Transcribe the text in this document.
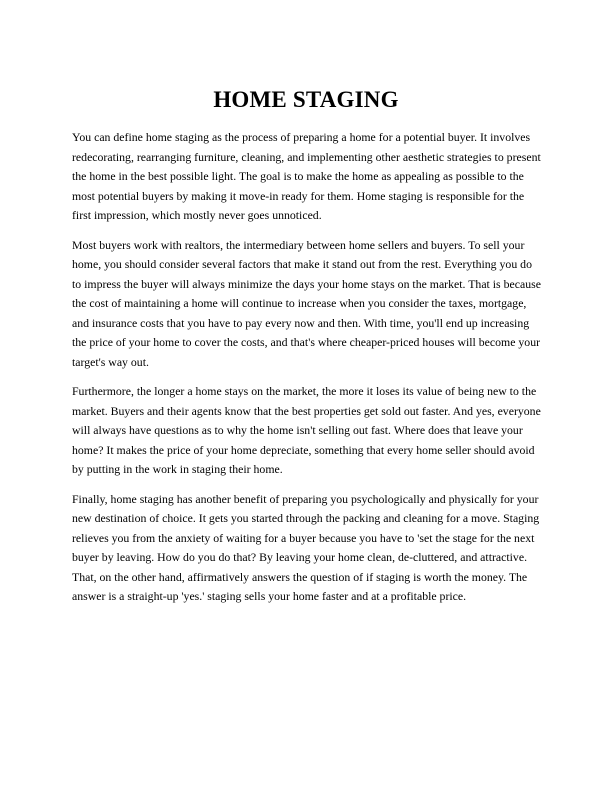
HOME STAGING

You can define home staging as the process of preparing a home for a potential buyer. It involves redecorating, rearranging furniture, cleaning, and implementing other aesthetic strategies to present the home in the best possible light. The goal is to make the home as appealing as possible to the most potential buyers by making it move-in ready for them. Home staging is responsible for the first impression, which mostly never goes unnoticed.

Most buyers work with realtors, the intermediary between home sellers and buyers. To sell your home, you should consider several factors that make it stand out from the rest. Everything you do to impress the buyer will always minimize the days your home stays on the market. That is because the cost of maintaining a home will continue to increase when you consider the taxes, mortgage, and insurance costs that you have to pay every now and then. With time, you'll end up increasing the price of your home to cover the costs, and that's where cheaper-priced houses will become your target's way out.

Furthermore, the longer a home stays on the market, the more it loses its value of being new to the market. Buyers and their agents know that the best properties get sold out faster. And yes, everyone will always have questions as to why the home isn't selling out fast. Where does that leave your home? It makes the price of your home depreciate, something that every home seller should avoid by putting in the work in staging their home.

Finally, home staging has another benefit of preparing you psychologically and physically for your new destination of choice. It gets you started through the packing and cleaning for a move. Staging relieves you from the anxiety of waiting for a buyer because you have to 'set the stage for the next buyer by leaving. How do you do that? By leaving your home clean, de-cluttered, and attractive. That, on the other hand, affirmatively answers the question of if staging is worth the money. The answer is a straight-up 'yes.' staging sells your home faster and at a profitable price.
